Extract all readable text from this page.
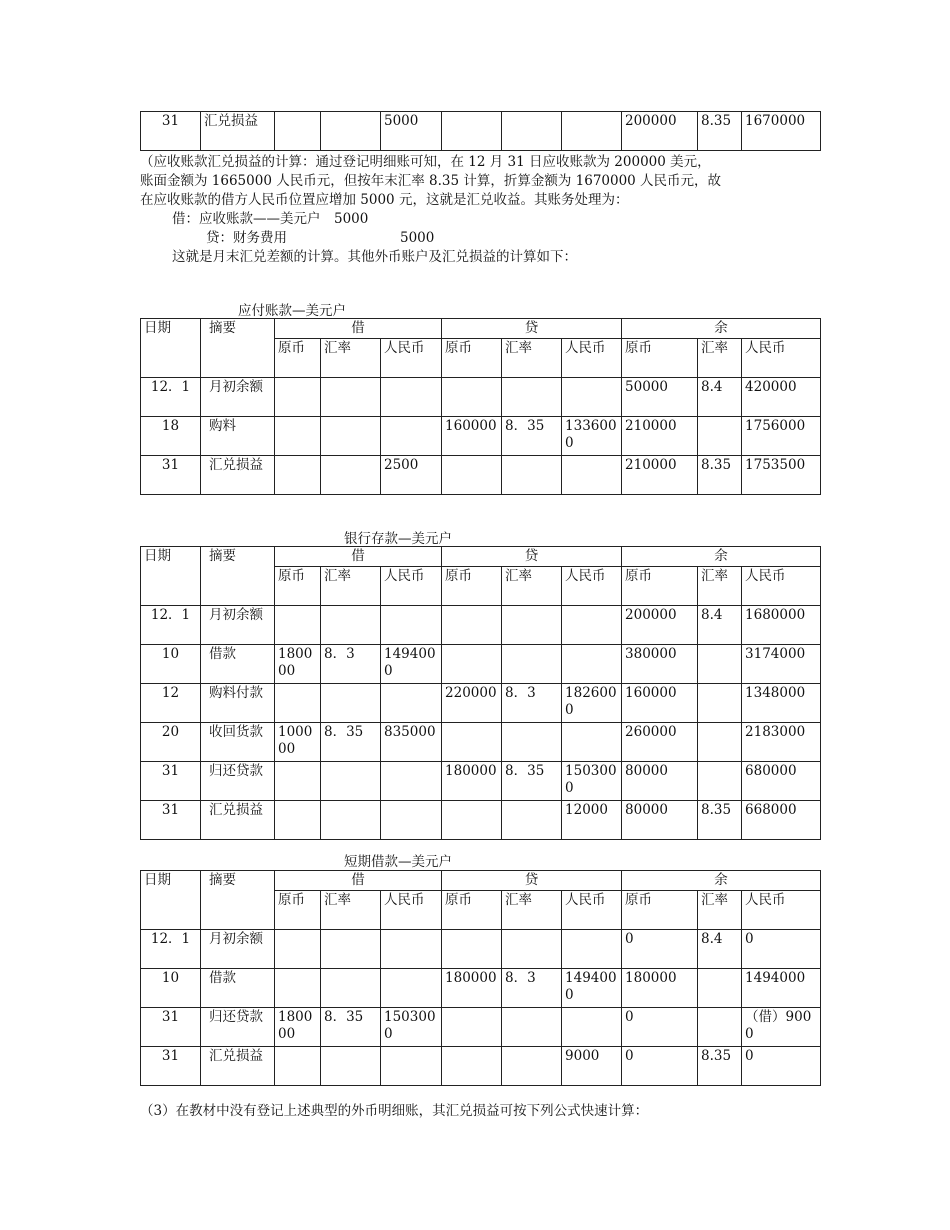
31	汇兑损益			5000				200000	8.35	1670000
（应收账款汇兑损益的计算：通过登记明细账可知，在 12 月 31 日应收账款为 200000 美元，
账面金额为 1665000 人民币元，但按年末汇率 8.35 计算，折算金额为 1670000 人民币元，故
在应收账款的借方人民币位置应增加 5000 元，这就是汇兑收益。其账务处理为：
借：应收账款——美元户　5000
贷：财务费用	5000
这就是月末汇兑差额的计算。其他外币账户及汇兑损益的计算如下：
应付账款—美元户
银行存款—美元户
短期借款—美元户
日期	摘要	借			贷			余		
		原币	汇率	人民币	原币	汇率	人民币	原币	汇率	人民币
12．1	月初余额							50000	8.4	420000
18	购料				160000	8．35	1336000	210000		1756000
31	汇兑损益			2500				210000	8.35	1753500
日期	摘要	借			贷			余		
		原币	汇率	人民币	原币	汇率	人民币	原币	汇率	人民币
12．1	月初余额							200000	8.4	1680000
10	借款	180000	8．3	1494000				380000		3174000
12	购料付款				220000	8．3	1826000	160000		1348000
20	收回货款	100000	8．35	835000				260000		2183000
31	归还贷款				180000	8．35	1503000	80000		680000
31	汇兑损益						12000	80000	8.35	668000
日期	摘要	借			贷			余		
		原币	汇率	人民币	原币	汇率	人民币	原币	汇率	人民币
12．1	月初余额							0	8.4	0
10	借款				180000	8．3	1494000	180000		1494000
31	归还贷款	180000	8．35	1503000				0		（借）9000
31	汇兑损益						9000	0	8.35	0
（3）在教材中没有登记上述典型的外币明细账，其汇兑损益可按下列公式快速计算：
